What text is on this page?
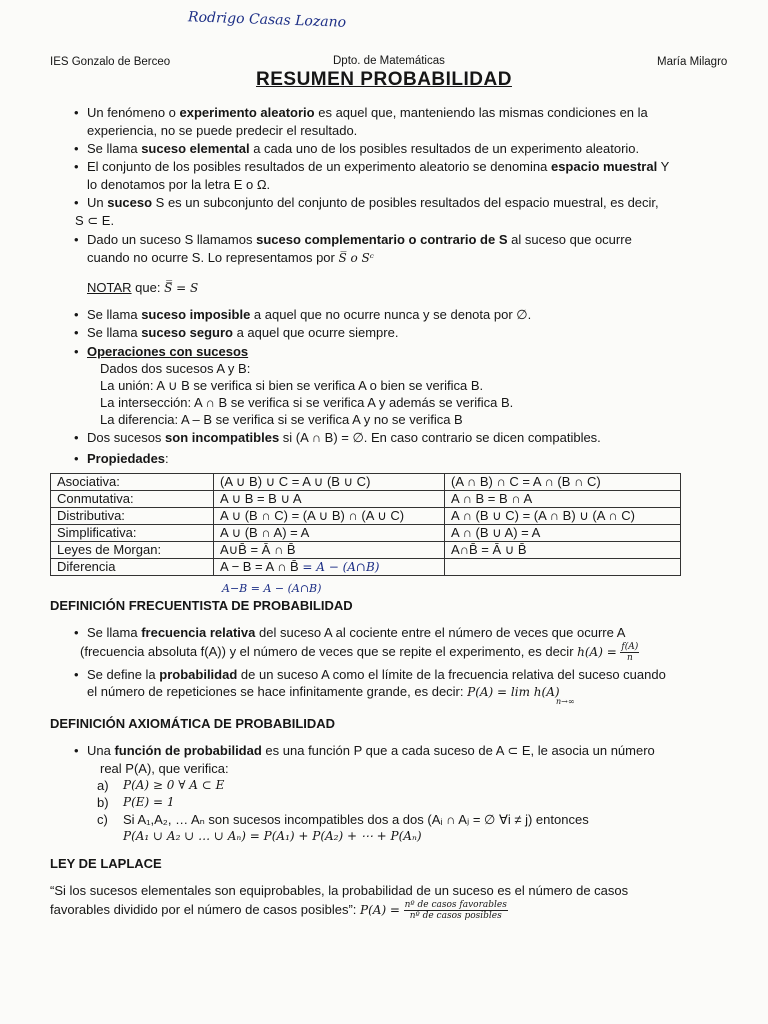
Rodrigo Casas Lozano
IES Gonzalo de Berceo	Dpto. de Matemáticas	María Milagro
RESUMEN PROBABILIDAD
• Un fenómeno o experimento aleatorio es aquel que, manteniendo las mismas condiciones en la
experiencia, no se puede predecir el resultado.
• Se llama suceso elemental a cada uno de los posibles resultados de un experimento aleatorio.
• El conjunto de los posibles resultados de un experimento aleatorio se denomina espacio muestral Y
lo denotamos por la letra E o Ω.
• Un suceso S es un subconjunto del conjunto de posibles resultados del espacio muestral, es decir,
S ⊂ E.
• Dado un suceso S llamamos suceso complementario o contrario de S al suceso que ocurre
cuando no ocurre S. Lo representamos por S̅ o Sᶜ
NOTAR que: S̿ = S
• Se llama suceso imposible a aquel que no ocurre nunca y se denota por ∅.
• Se llama suceso seguro a aquel que ocurre siempre.
• Operaciones con sucesos
Dados dos sucesos A y B:
La unión: A ∪ B se verifica si bien se verifica A o bien se verifica B.
La intersección: A ∩ B se verifica si se verifica A y además se verifica B.
La diferencia: A – B se verifica si se verifica A y no se verifica B
• Dos sucesos son incompatibles si (A ∩ B) = ∅. En caso contrario se dicen compatibles.
• Propiedades:
Asociativa:	(A ∪ B) ∪ C = A ∪ (B ∪ C)	(A ∩ B) ∩ C = A ∩ (B ∩ C)
Conmutativa:	A ∪ B = B ∪ A	A ∩ B = B ∩ A
Distributiva:	A ∪ (B ∩ C) = (A ∪ B) ∩ (A ∪ C)	A ∩ (B ∪ C) = (A ∩ B) ∪ (A ∩ C)
Simplificativa:	A ∪ (B ∩ A) = A	A ∩ (B ∪ A) = A
Leyes de Morgan:	A∪B̄ = Ā ∩ B̄	A∩B̄ = Ā ∪ B̄
Diferencia	A − B = A ∩ B̄ = A − (A∩B)	
A−B = A − (A∩B)
DEFINICIÓN FRECUENTISTA DE PROBABILIDAD
• Se llama frecuencia relativa del suceso A al cociente entre el número de veces que ocurre A
(frecuencia absoluta f(A)) y el número de veces que se repite el experimento, es decir $h(A) = \frac{f(A)}{n}$
• Se define la probabilidad de un suceso A como el límite de la frecuencia relativa del suceso cuando
el número de repeticiones se hace infinitamente grande, es decir: P(A) = lim h(A)
n→∞
DEFINICIÓN AXIOMÁTICA DE PROBABILIDAD
• Una función de probabilidad es una función P que a cada suceso de A ⊂ E, le asocia un número
real P(A), que verifica:
a) P(A) ≥ 0 ∀ A ⊂ E
b) P(E) = 1
c) Si A₁,A₂, … Aₙ son sucesos incompatibles dos a dos (Aᵢ ∩ Aⱼ = ∅ ∀i ≠ j) entonces
P(A₁ ∪ A₂ ∪ … ∪ Aₙ) = P(A₁) + P(A₂) + ⋯ + P(Aₙ)
LEY DE LAPLACE
“Si los sucesos elementales son equiprobables, la probabilidad de un suceso es el número de casos
favorables dividido por el número de casos posibles”: $P(A) = \frac{\text{nº de casos favorables}}{\text{nº de casos posibles}}$
